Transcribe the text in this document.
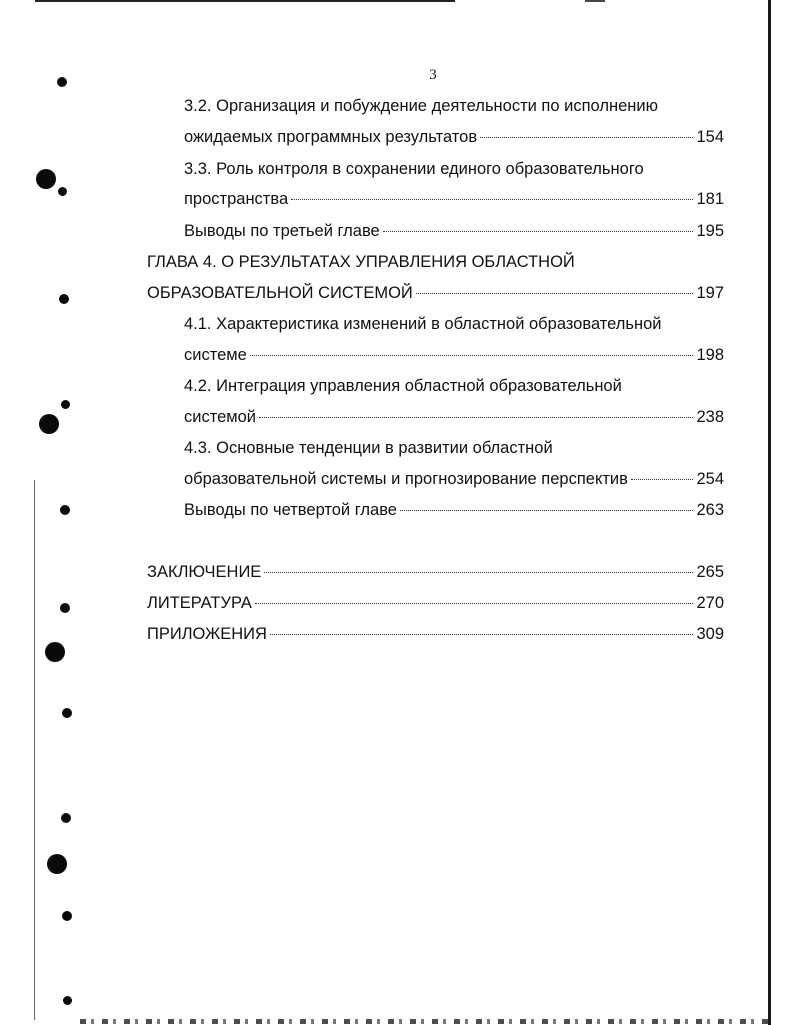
3
3.2. Организация и побуждение деятельности по исполнению
ожидаемых программных результатов	154
3.3. Роль контроля в сохранении единого образовательного
пространства	181
Выводы по третьей главе	195
ГЛАВА 4. О РЕЗУЛЬТАТАХ УПРАВЛЕНИЯ ОБЛАСТНОЙ
ОБРАЗОВАТЕЛЬНОЙ СИСТЕМОЙ	197
4.1. Характеристика изменений в областной образовательной
системе	198
4.2. Интеграция управления областной образовательной
системой	238
4.3. Основные тенденции в развитии областной
образовательной системы и прогнозирование перспектив	254
Выводы по четвертой главе	263
ЗАКЛЮЧЕНИЕ	265
ЛИТЕРАТУРА	270
ПРИЛОЖЕНИЯ	309
